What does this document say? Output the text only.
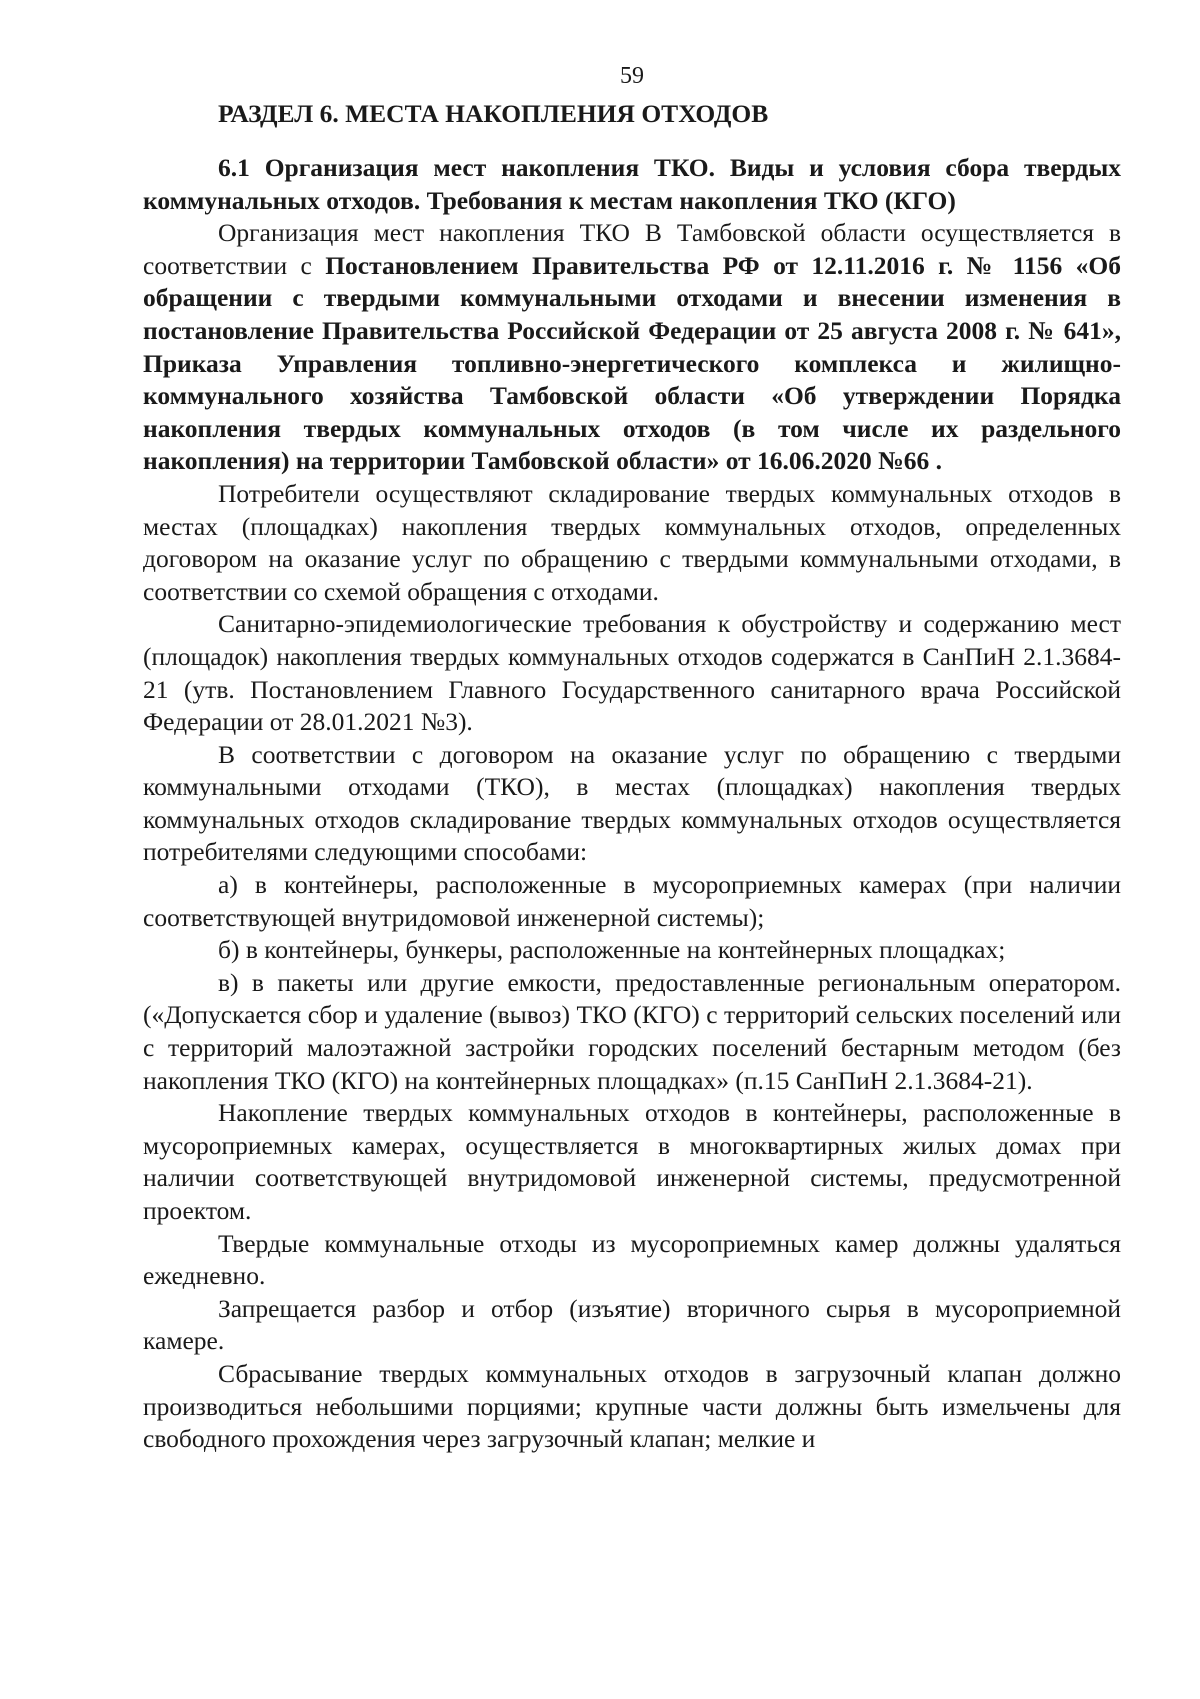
59
РАЗДЕЛ 6. МЕСТА НАКОПЛЕНИЯ ОТХОДОВ

6.1 Организация мест накопления ТКО. Виды и условия сбора твердых коммунальных отходов. Требования к местам накопления ТКО (КГО)

Организация мест накопления ТКО В Тамбовской области осуществляется в соответствии с Постановлением Правительства РФ от 12.11.2016 г. № 1156 «Об обращении с твердыми коммунальными отходами и внесении изменения в постановление Правительства Российской Федерации от 25 августа 2008 г. № 641», Приказа Управления топливно-энергетического комплекса и жилищно-коммунального хозяйства Тамбовской области «Об утверждении Порядка накопления твердых коммунальных отходов (в том числе их раздельного накопления) на территории Тамбовской области» от 16.06.2020 №66 .

Потребители осуществляют складирование твердых коммунальных отходов в местах (площадках) накопления твердых коммунальных отходов, определенных договором на оказание услуг по обращению с твердыми коммунальными отходами, в соответствии со схемой обращения с отходами.

Санитарно-эпидемиологические требования к обустройству и содержанию мест (площадок) накопления твердых коммунальных отходов содержатся в СанПиН 2.1.3684-21 (утв. Постановлением Главного Государственного санитарного врача Российской Федерации от 28.01.2021 №3).

В соответствии с договором на оказание услуг по обращению с твердыми коммунальными отходами (ТКО), в местах (площадках) накопления твердых коммунальных отходов складирование твердых коммунальных отходов осуществляется потребителями следующими способами:

а) в контейнеры, расположенные в мусороприемных камерах (при наличии соответствующей внутридомовой инженерной системы);

б) в контейнеры, бункеры, расположенные на контейнерных площадках;

в) в пакеты или другие емкости, предоставленные региональным оператором. («Допускается сбор и удаление (вывоз) ТКО (КГО) с территорий сельских поселений или с территорий малоэтажной застройки городских поселений бестарным методом (без накопления ТКО (КГО) на контейнерных площадках» (п.15 СанПиН 2.1.3684-21).

Накопление твердых коммунальных отходов в контейнеры, расположенные в мусороприемных камерах, осуществляется в многоквартирных жилых домах при наличии соответствующей внутридомовой инженерной системы, предусмотренной проектом.

Твердые коммунальные отходы из мусороприемных камер должны удаляться ежедневно.

Запрещается разбор и отбор (изъятие) вторичного сырья в мусороприемной камере.

Сбрасывание твердых коммунальных отходов в загрузочный клапан должно производиться небольшими порциями; крупные части должны быть измельчены для свободного прохождения через загрузочный клапан; мелкие и
